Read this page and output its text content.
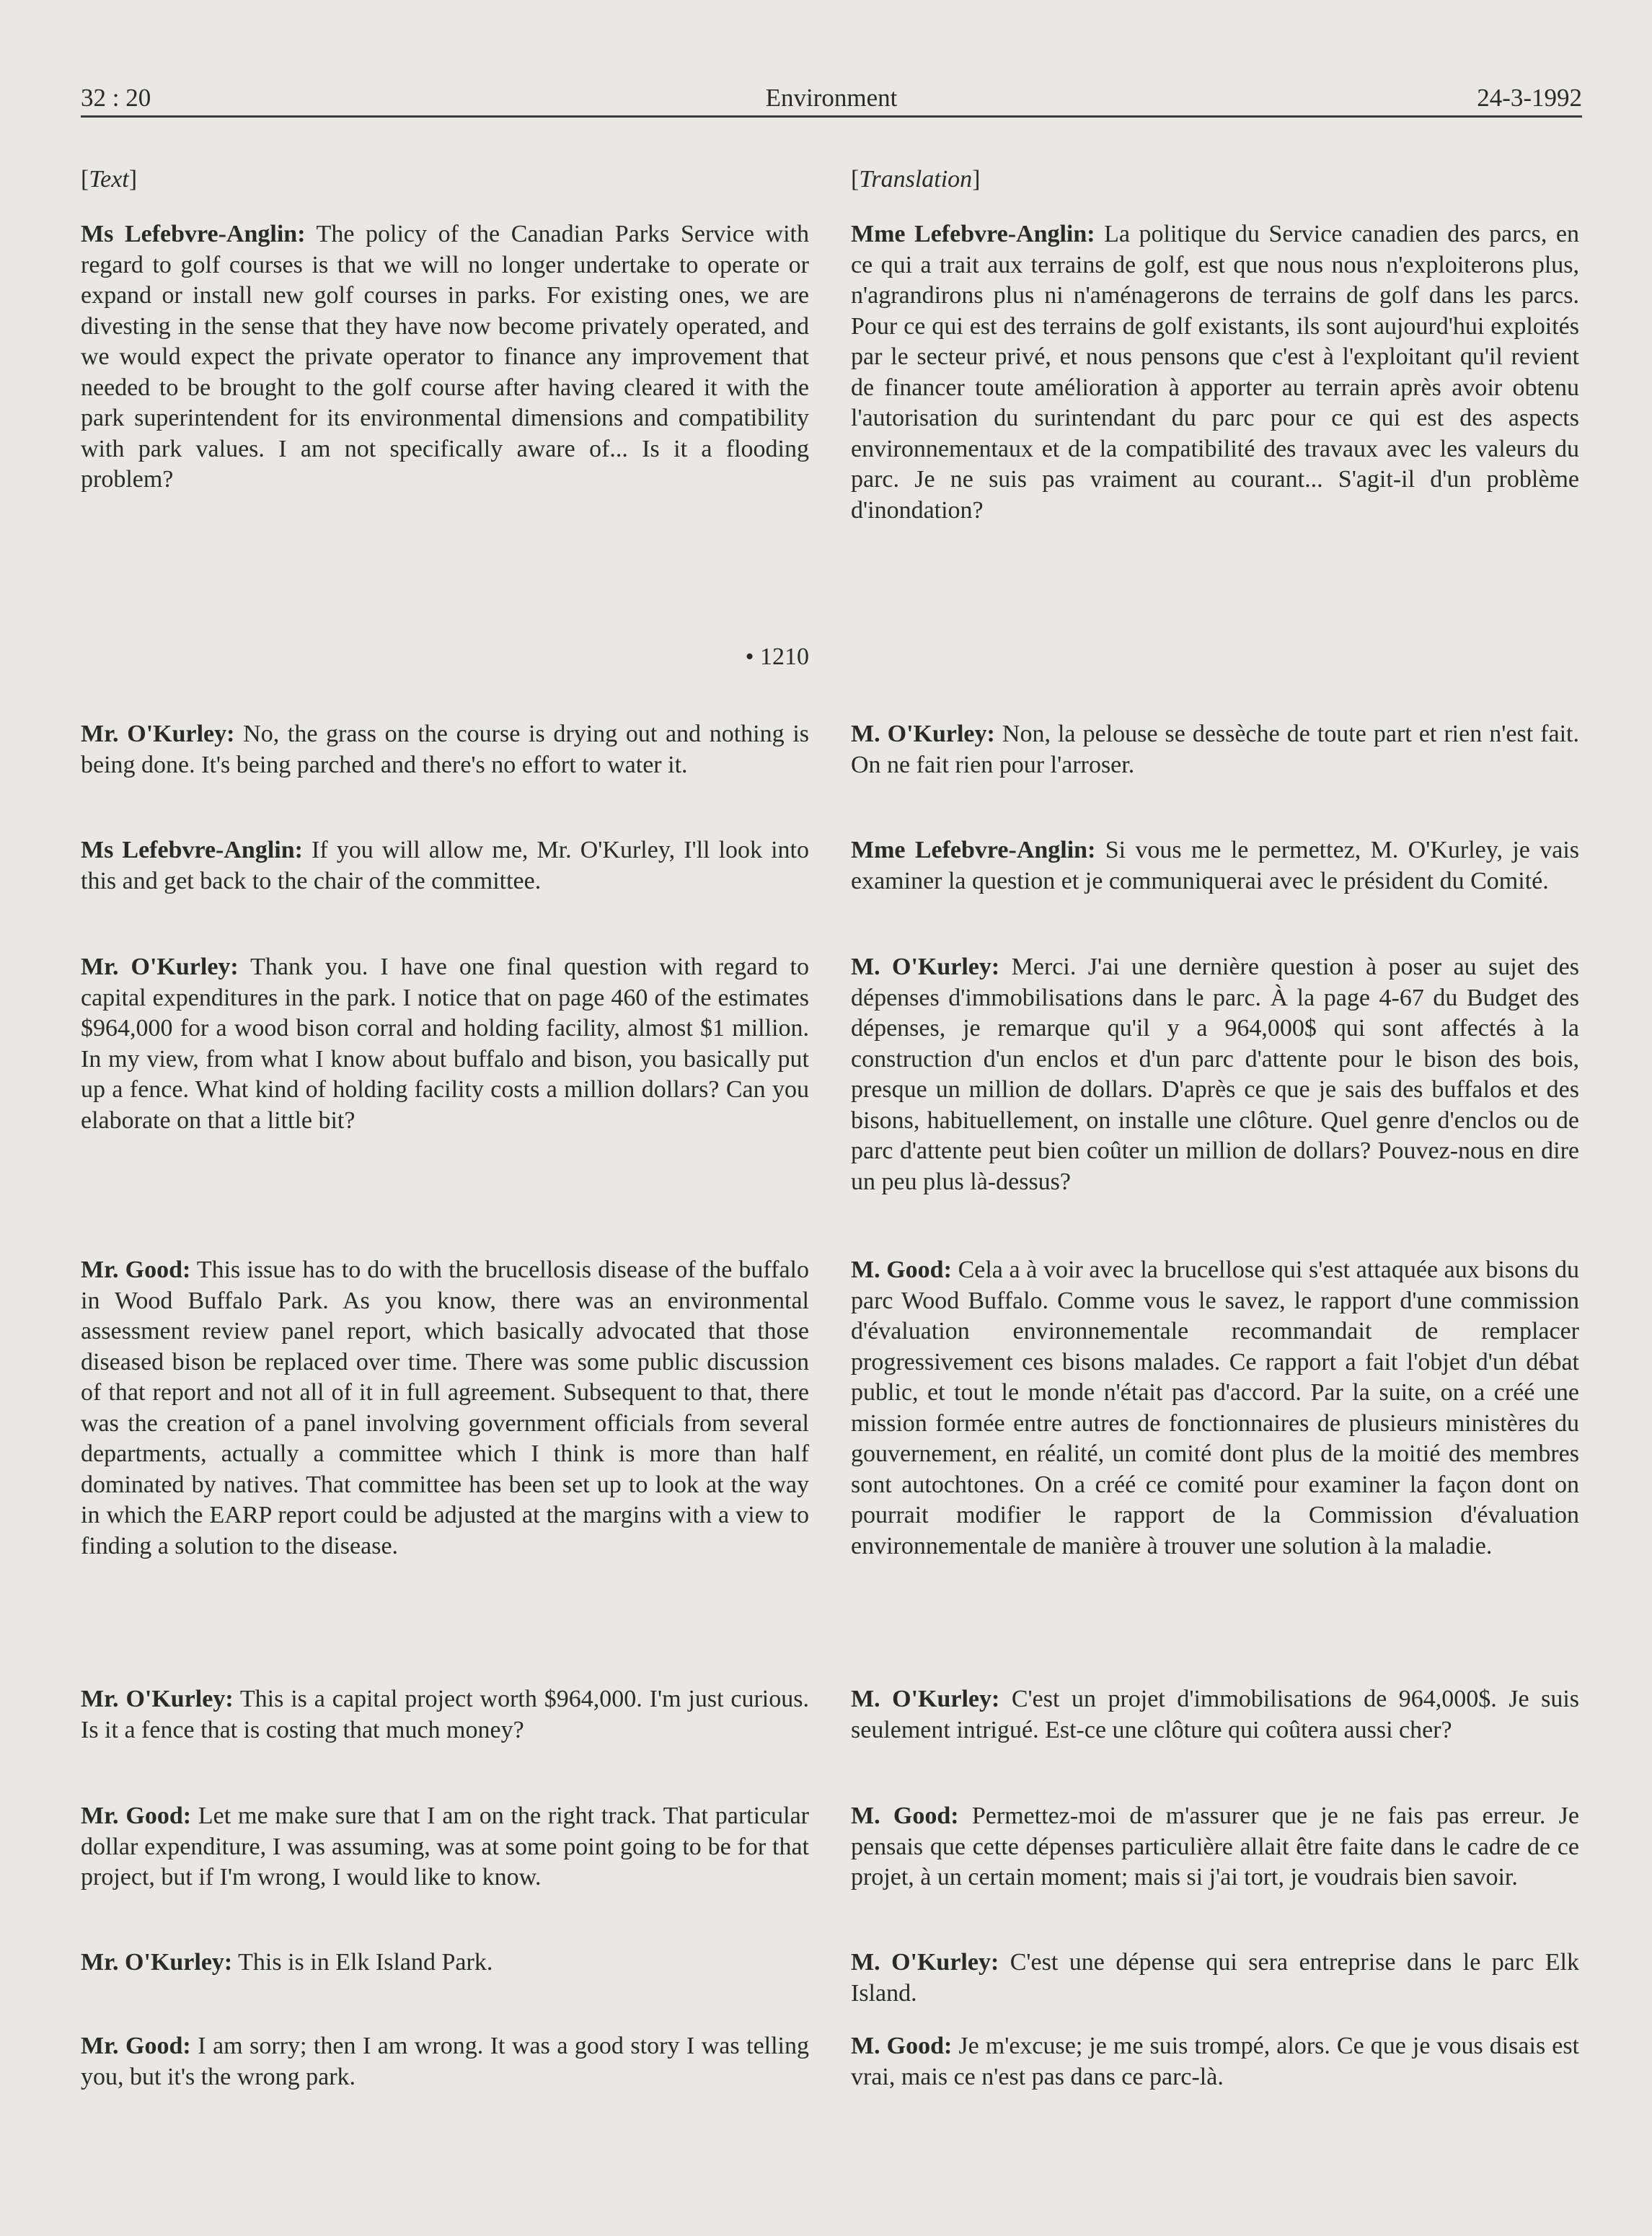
32 : 20	Environment	24-3-1992
[Text]

Ms Lefebvre-Anglin: The policy of the Canadian Parks Service with regard to golf courses is that we will no longer undertake to operate or expand or install new golf courses in parks. For existing ones, we are divesting in the sense that they have now become privately operated, and we would expect the private operator to finance any improvement that needed to be brought to the golf course after having cleared it with the park superintendent for its environmental dimensions and compatibility with park values. I am not specifically aware of... Is it a flooding problem?

• 1210

Mr. O'Kurley: No, the grass on the course is drying out and nothing is being done. It's being parched and there's no effort to water it.

Ms Lefebvre-Anglin: If you will allow me, Mr. O'Kurley, I'll look into this and get back to the chair of the committee.

Mr. O'Kurley: Thank you. I have one final question with regard to capital expenditures in the park. I notice that on page 460 of the estimates $964,000 for a wood bison corral and holding facility, almost $1 million. In my view, from what I know about buffalo and bison, you basically put up a fence. What kind of holding facility costs a million dollars? Can you elaborate on that a little bit?

Mr. Good: This issue has to do with the brucellosis disease of the buffalo in Wood Buffalo Park. As you know, there was an environmental assessment review panel report, which basically advocated that those diseased bison be replaced over time. There was some public discussion of that report and not all of it in full agreement. Subsequent to that, there was the creation of a panel involving government officials from several departments, actually a committee which I think is more than half dominated by natives. That committee has been set up to look at the way in which the EARP report could be adjusted at the margins with a view to finding a solution to the disease.

Mr. O'Kurley: This is a capital project worth $964,000. I'm just curious. Is it a fence that is costing that much money?

Mr. Good: Let me make sure that I am on the right track. That particular dollar expenditure, I was assuming, was at some point going to be for that project, but if I'm wrong, I would like to know.

Mr. O'Kurley: This is in Elk Island Park.

Mr. Good: I am sorry; then I am wrong. It was a good story I was telling you, but it's the wrong park.

[Translation]

Mme Lefebvre-Anglin: La politique du Service canadien des parcs, en ce qui a trait aux terrains de golf, est que nous nous n'exploiterons plus, n'agrandirons plus ni n'aménagerons de terrains de golf dans les parcs. Pour ce qui est des terrains de golf existants, ils sont aujourd'hui exploités par le secteur privé, et nous pensons que c'est à l'exploitant qu'il revient de financer toute amélioration à apporter au terrain après avoir obtenu l'autorisation du surintendant du parc pour ce qui est des aspects environnementaux et de la compatibilité des travaux avec les valeurs du parc. Je ne suis pas vraiment au courant... S'agit-il d'un problème d'inondation?

M. O'Kurley: Non, la pelouse se dessèche de toute part et rien n'est fait. On ne fait rien pour l'arroser.

Mme Lefebvre-Anglin: Si vous me le permettez, M. O'Kurley, je vais examiner la question et je communiquerai avec le président du Comité.

M. O'Kurley: Merci. J'ai une dernière question à poser au sujet des dépenses d'immobilisations dans le parc. À la page 4-67 du Budget des dépenses, je remarque qu'il y a 964,000$ qui sont affectés à la construction d'un enclos et d'un parc d'attente pour le bison des bois, presque un million de dollars. D'après ce que je sais des buffalos et des bisons, habituellement, on installe une clôture. Quel genre d'enclos ou de parc d'attente peut bien coûter un million de dollars? Pouvez-nous en dire un peu plus là-dessus?

M. Good: Cela a à voir avec la brucellose qui s'est attaquée aux bisons du parc Wood Buffalo. Comme vous le savez, le rapport d'une commission d'évaluation environnementale recommandait de remplacer progressivement ces bisons malades. Ce rapport a fait l'objet d'un débat public, et tout le monde n'était pas d'accord. Par la suite, on a créé une mission formée entre autres de fonctionnaires de plusieurs ministères du gouvernement, en réalité, un comité dont plus de la moitié des membres sont autochtones. On a créé ce comité pour examiner la façon dont on pourrait modifier le rapport de la Commission d'évaluation environnementale de manière à trouver une solution à la maladie.

M. O'Kurley: C'est un projet d'immobilisations de 964,000$. Je suis seulement intrigué. Est-ce une clôture qui coûtera aussi cher?

M. Good: Permettez-moi de m'assurer que je ne fais pas erreur. Je pensais que cette dépenses particulière allait être faite dans le cadre de ce projet, à un certain moment; mais si j'ai tort, je voudrais bien savoir.

M. O'Kurley: C'est une dépense qui sera entreprise dans le parc Elk Island.

M. Good: Je m'excuse; je me suis trompé, alors. Ce que je vous disais est vrai, mais ce n'est pas dans ce parc-là.
